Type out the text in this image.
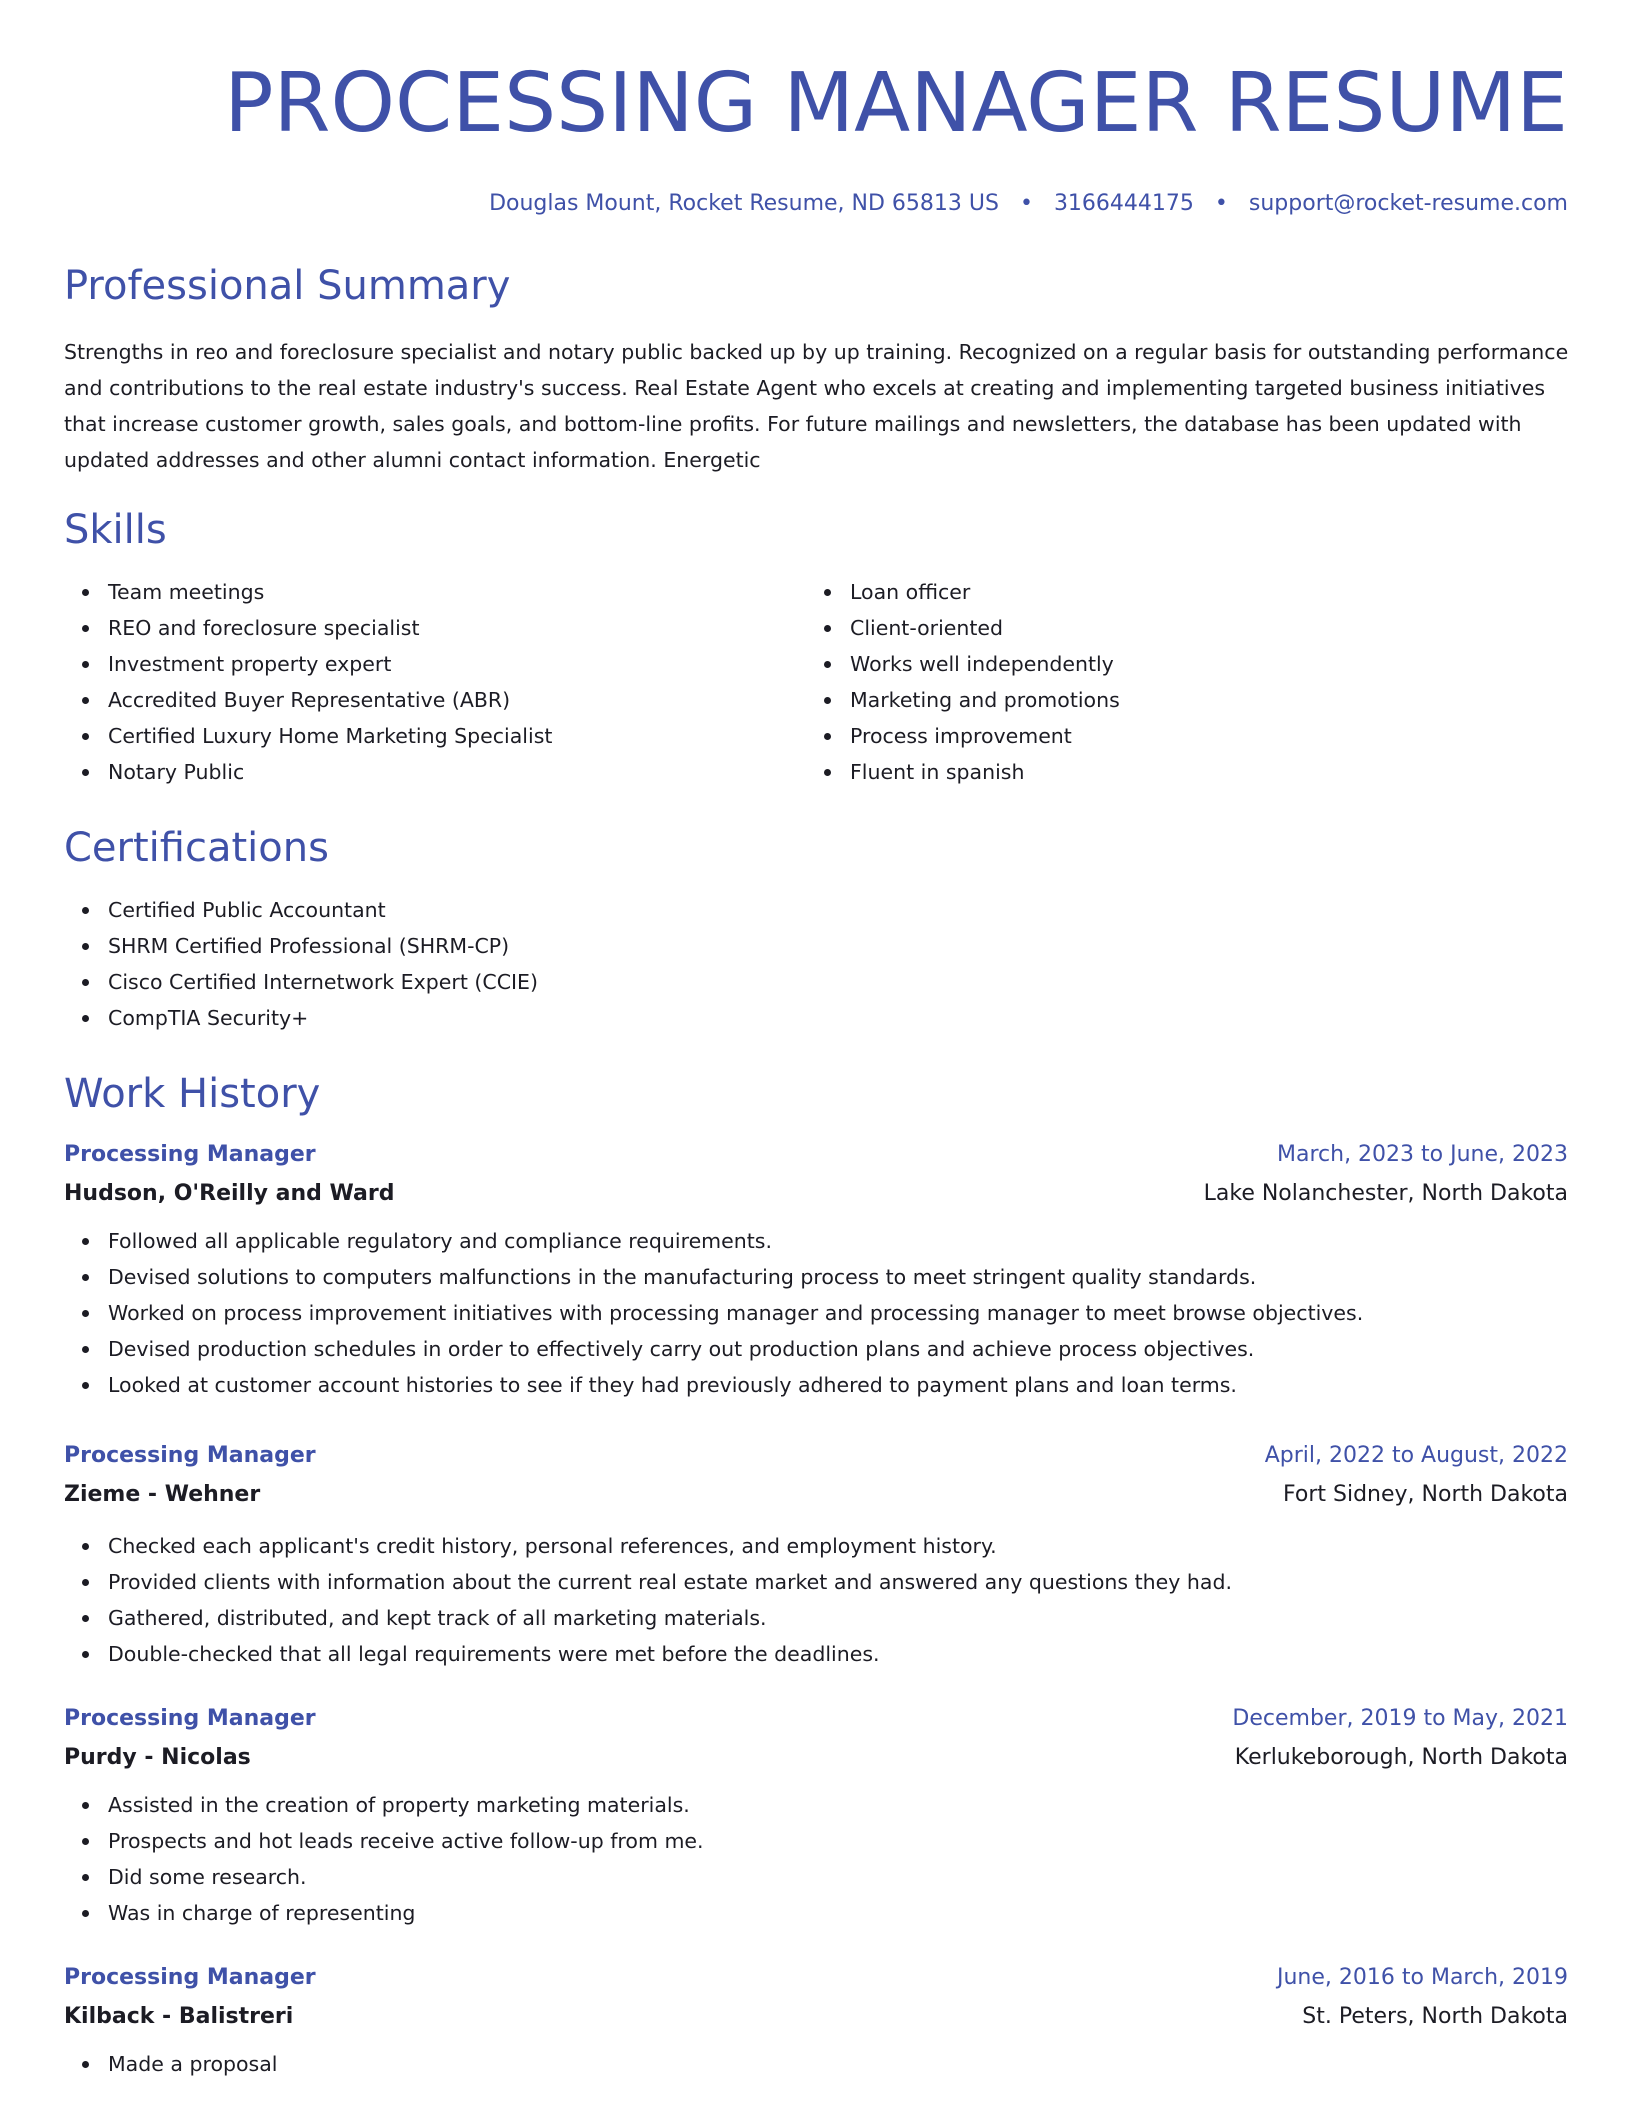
PROCESSING MANAGER RESUME
Douglas Mount, Rocket Resume, ND 65813 US • 3166444175 • support@rocket-resume.com
Professional Summary
Strengths in reo and foreclosure specialist and notary public backed up by up training. Recognized on a regular basis for outstanding performance and contributions to the real estate industry's success. Real Estate Agent who excels at creating and implementing targeted business initiatives that increase customer growth, sales goals, and bottom-line profits. For future mailings and newsletters, the database has been updated with updated addresses and other alumni contact information. Energetic
Skills
Team meetings
REO and foreclosure specialist
Investment property expert
Accredited Buyer Representative (ABR)
Certified Luxury Home Marketing Specialist
Notary Public
Loan officer
Client-oriented
Works well independently
Marketing and promotions
Process improvement
Fluent in spanish
Certifications
Certified Public Accountant
SHRM Certified Professional (SHRM-CP)
Cisco Certified Internetwork Expert (CCIE)
CompTIA Security+
Work History
Processing Manager	March, 2023 to June, 2023
Hudson, O'Reilly and Ward	Lake Nolanchester, North Dakota
Followed all applicable regulatory and compliance requirements.
Devised solutions to computers malfunctions in the manufacturing process to meet stringent quality standards.
Worked on process improvement initiatives with processing manager and processing manager to meet browse objectives.
Devised production schedules in order to effectively carry out production plans and achieve process objectives.
Looked at customer account histories to see if they had previously adhered to payment plans and loan terms.
Processing Manager	April, 2022 to August, 2022
Zieme - Wehner	Fort Sidney, North Dakota
Checked each applicant's credit history, personal references, and employment history.
Provided clients with information about the current real estate market and answered any questions they had.
Gathered, distributed, and kept track of all marketing materials.
Double-checked that all legal requirements were met before the deadlines.
Processing Manager	December, 2019 to May, 2021
Purdy - Nicolas	Kerlukeborough, North Dakota
Assisted in the creation of property marketing materials.
Prospects and hot leads receive active follow-up from me.
Did some research.
Was in charge of representing
Processing Manager	June, 2016 to March, 2019
Kilback - Balistreri	St. Peters, North Dakota
Made a proposal
